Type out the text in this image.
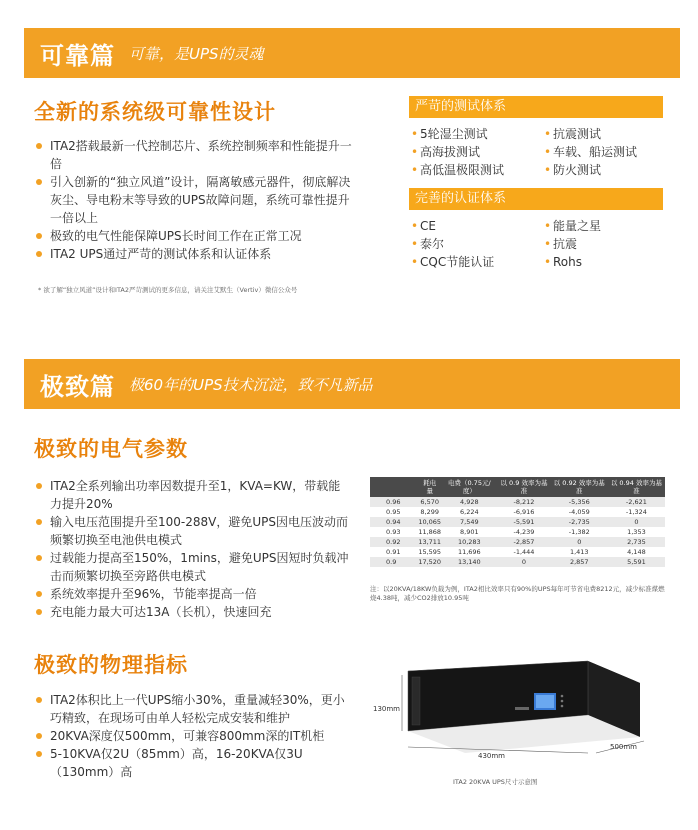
可靠篇 可靠，是UPS的灵魂
全新的系统级可靠性设计
ITA2搭载最新一代控制芯片、系统控制频率和性能提升一倍
引入创新的“独立风道”设计，隔离敏感元器件，彻底解决灰尘、导电粉末等导致的UPS故障问题，系统可靠性提升一倍以上
极致的电气性能保障UPS长时间工作在正常工况
ITA2 UPS通过严苛的测试体系和认证体系
* 欲了解“独立风道”设计和ITA2严苛测试的更多信息，请关注艾默生（Vertiv）微信公众号
严苛的测试体系
• 5轮湿尘测试	• 抗震测试
• 高海拔测试	• 车载、船运测试
• 高低温极限测试	• 防火测试
完善的认证体系
• CE	• 能量之星
• 泰尔	• 抗震
• CQC节能认证	• Rohs
极致篇 极60年的UPS技术沉淀，致不凡新品
极致的电气参数
ITA2全系列输出功率因数提升至1，KVA=KW，带载能力提升20%
输入电压范围提升至100-288V，避免UPS因电压波动而频繁切换至电池供电模式
过载能力提高至150%，1mins，避免UPS因短时负载冲击而频繁切换至旁路供电模式
系统效率提升至96%，节能率提高一倍
充电能力最大可达13A（长机），快速回充
	耗电量	电费（0.75元/度）	以 0.9 效率为基准	以 0.92 效率为基准	以 0.94 效率为基准
0.96	6,570	4,928	-8,212	-5,356	-2,621
0.95	8,299	6,224	-6,916	-4,059	-1,324
0.94	10,065	7,549	-5,591	-2,735	0
0.93	11,868	8,901	-4,239	-1,382	1,353
0.92	13,711	10,283	-2,857	0	2,735
0.91	15,595	11,696	-1,444	1,413	4,148
0.9	17,520	13,140	0	2,857	5,591
注：以20KVA/18KW负载为例，ITA2相比效率只有90%的UPS每年可节省电费8212元，减少标准煤燃烧4.38吨，减少CO2排放10.95吨
极致的物理指标
ITA2体积比上一代UPS缩小30%，重量减轻30%，更小巧精致，在现场可由单人轻松完成安装和维护
20KVA深度仅500mm，可兼容800mm深的IT机柜
5-10KVA仅2U（85mm）高，16-20KVA仅3U（130mm）高
130mm
430mm
500mm
ITA2 20KVA UPS尺寸示意图
